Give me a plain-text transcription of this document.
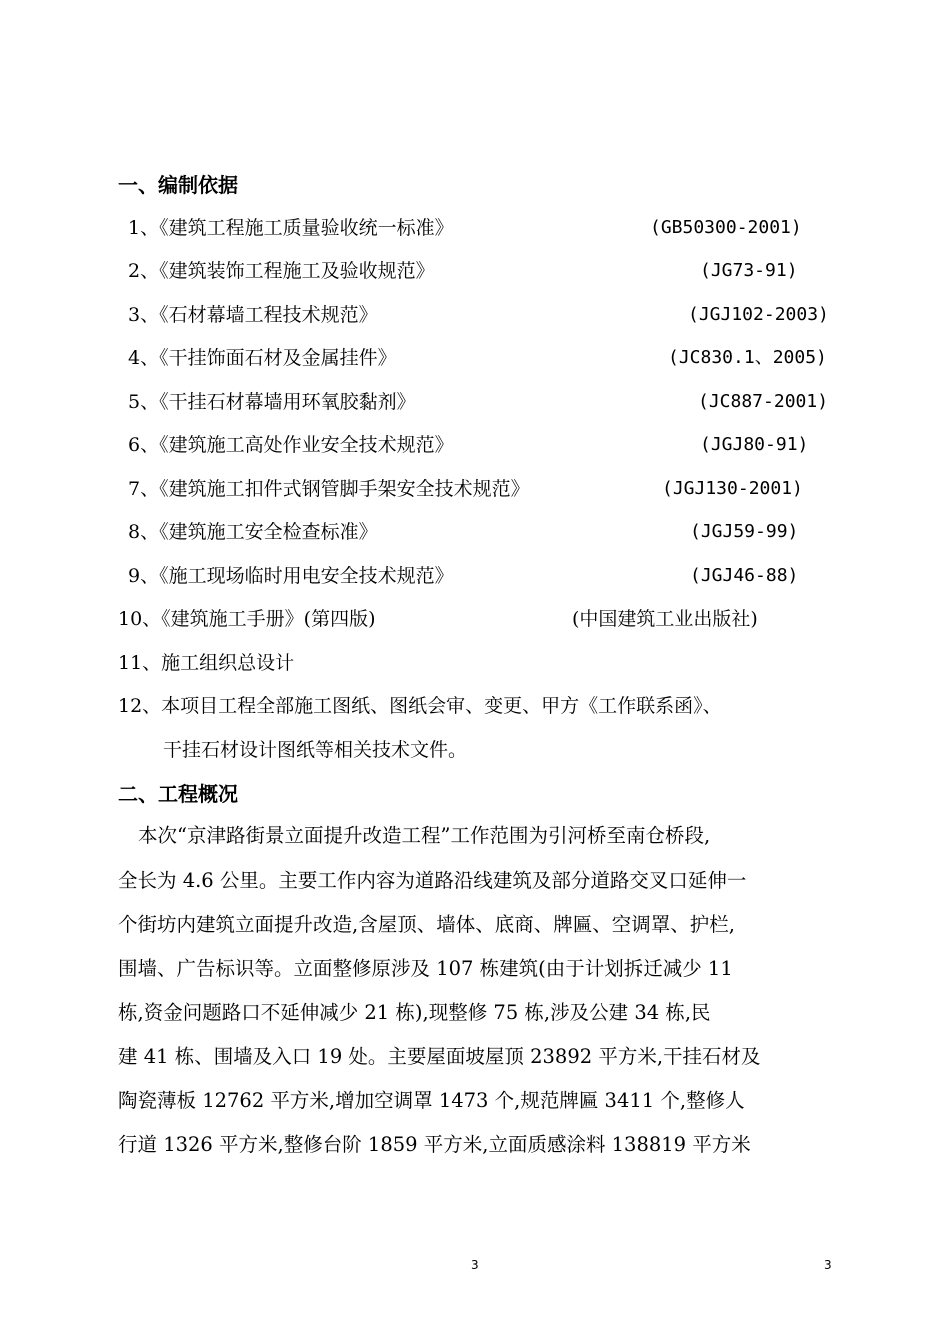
一、编制依据
1、《建筑工程施工质量验收统一标准》	(GB50300-2001)
2、《建筑装饰工程施工及验收规范》	(JG73-91)
3、《石材幕墙工程技术规范》	(JGJ102-2003)
4、《干挂饰面石材及金属挂件》	(JC830.1、2005)
5、《干挂石材幕墙用环氧胶黏剂》	(JC887-2001)
6、《建筑施工高处作业安全技术规范》	(JGJ80-91)
7、《建筑施工扣件式钢管脚手架安全技术规范》	(JGJ130-2001)
8、《建筑施工安全检查标准》	(JGJ59-99)
9、《施工现场临时用电安全技术规范》	(JGJ46-88)
10、《建筑施工手册》(第四版)	(中国建筑工业出版社)
11、施工组织总设计
12、本项目工程全部施工图纸、图纸会审、变更、甲方《工作联系函》、
干挂石材设计图纸等相关技术文件。
二、工程概况
本次“京津路街景立面提升改造工程”工作范围为引河桥至南仓桥段,
全长为 4.6 公里。主要工作内容为道路沿线建筑及部分道路交叉口延伸一
个街坊内建筑立面提升改造,含屋顶、墙体、底商、牌匾、空调罩、护栏,
围墙、广告标识等。立面整修原涉及 107 栋建筑(由于计划拆迁减少 11
栋,资金问题路口不延伸减少 21 栋),现整修 75 栋,涉及公建 34 栋,民
建 41 栋、围墙及入口 19 处。主要屋面坡屋顶 23892 平方米,干挂石材及
陶瓷薄板 12762 平方米,增加空调罩 1473 个,规范牌匾 3411 个,整修人
行道 1326 平方米,整修台阶 1859 平方米,立面质感涂料 138819 平方米
3	3
